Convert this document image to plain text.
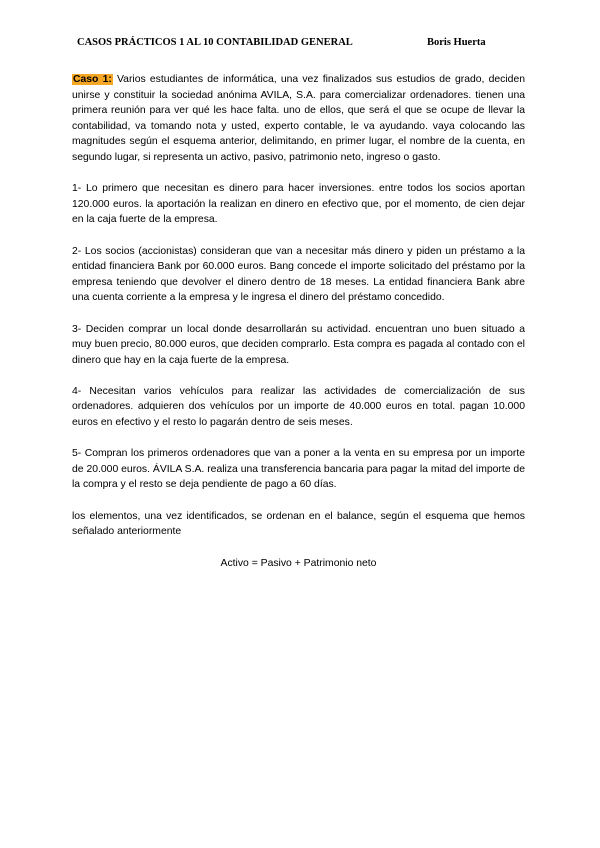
CASOS PRÁCTICOS 1 AL 10 CONTABILIDAD GENERAL	Boris Huerta

Caso 1: Varios estudiantes de informática, una vez finalizados sus estudios de grado, deciden unirse y constituir la sociedad anónima AVILA, S.A. para comercializar ordenadores. tienen una primera reunión para ver qué les hace falta. uno de ellos, que será el que se ocupe de llevar la contabilidad, va tomando nota y usted, experto contable, le va ayudando. vaya colocando las magnitudes según el esquema anterior, delimitando, en primer lugar, el nombre de la cuenta, en segundo lugar, si representa un activo, pasivo, patrimonio neto, ingreso o gasto.

1- Lo primero que necesitan es dinero para hacer inversiones. entre todos los socios aportan 120.000 euros. la aportación la realizan en dinero en efectivo que, por el momento, de cien dejar en la caja fuerte de la empresa.

2- Los socios (accionistas) consideran que van a necesitar más dinero y piden un préstamo a la entidad financiera Bank por 60.000 euros. Bang concede el importe solicitado del préstamo por la empresa teniendo que devolver el dinero dentro de 18 meses. La entidad financiera Bank abre una cuenta corriente a la empresa y le ingresa el dinero del préstamo concedido.

3- Deciden comprar un local donde desarrollarán su actividad. encuentran uno buen situado a muy buen precio, 80.000 euros, que deciden comprarlo. Esta compra es pagada al contado con el dinero que hay en la caja fuerte de la empresa.

4- Necesitan varios vehículos para realizar las actividades de comercialización de sus ordenadores. adquieren dos vehículos por un importe de 40.000 euros en total. pagan 10.000 euros en efectivo y el resto lo pagarán dentro de seis meses.

5- Compran los primeros ordenadores que van a poner a la venta en su empresa por un importe de 20.000 euros. ÁVILA S.A. realiza una transferencia bancaria para pagar la mitad del importe de la compra y el resto se deja pendiente de pago a 60 días.

los elementos, una vez identificados, se ordenan en el balance, según el esquema que hemos señalado anteriormente

Activo = Pasivo + Patrimonio neto
